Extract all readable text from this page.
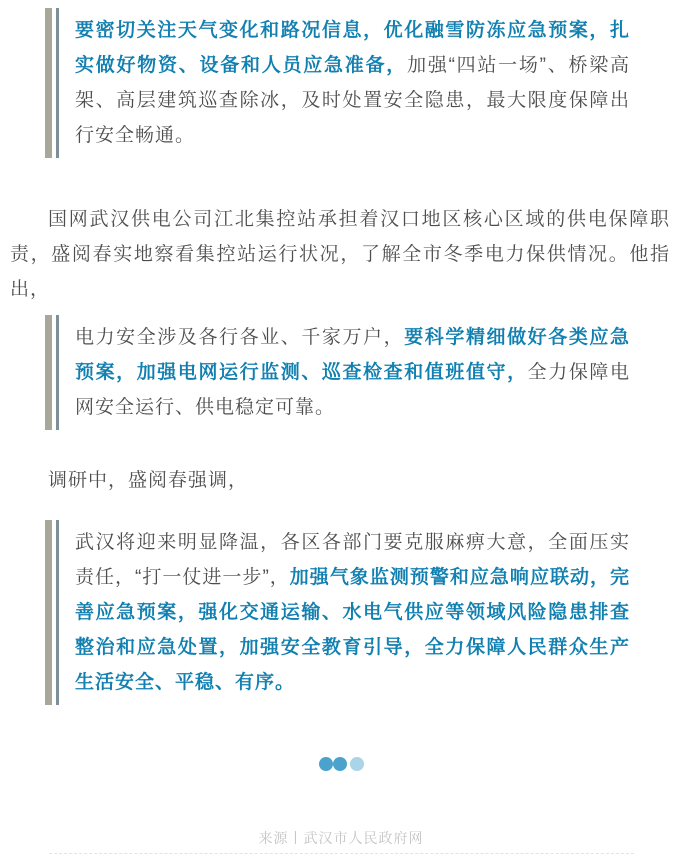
要密切关注天气变化和路况信息，优化融雪防冻应急预案，扎实做好物资、设备和人员应急准备，加强“四站一场”、桥梁高架、高层建筑巡查除冰，及时处置安全隐患，最大限度保障出行安全畅通。

国网武汉供电公司江北集控站承担着汉口地区核心区域的供电保障职责，盛阅春实地察看集控站运行状况，了解全市冬季电力保供情况。他指出，

电力安全涉及各行各业、千家万户，要科学精细做好各类应急预案，加强电网运行监测、巡查检查和值班值守，全力保障电网安全运行、供电稳定可靠。

调研中，盛阅春强调，

武汉将迎来明显降温，各区各部门要克服麻痹大意，全面压实责任，“打一仗进一步”，加强气象监测预警和应急响应联动，完善应急预案，强化交通运输、水电气供应等领域风险隐患排查整治和应急处置，加强安全教育引导，全力保障人民群众生产生活安全、平稳、有序。
来源丨武汉市人民政府网
